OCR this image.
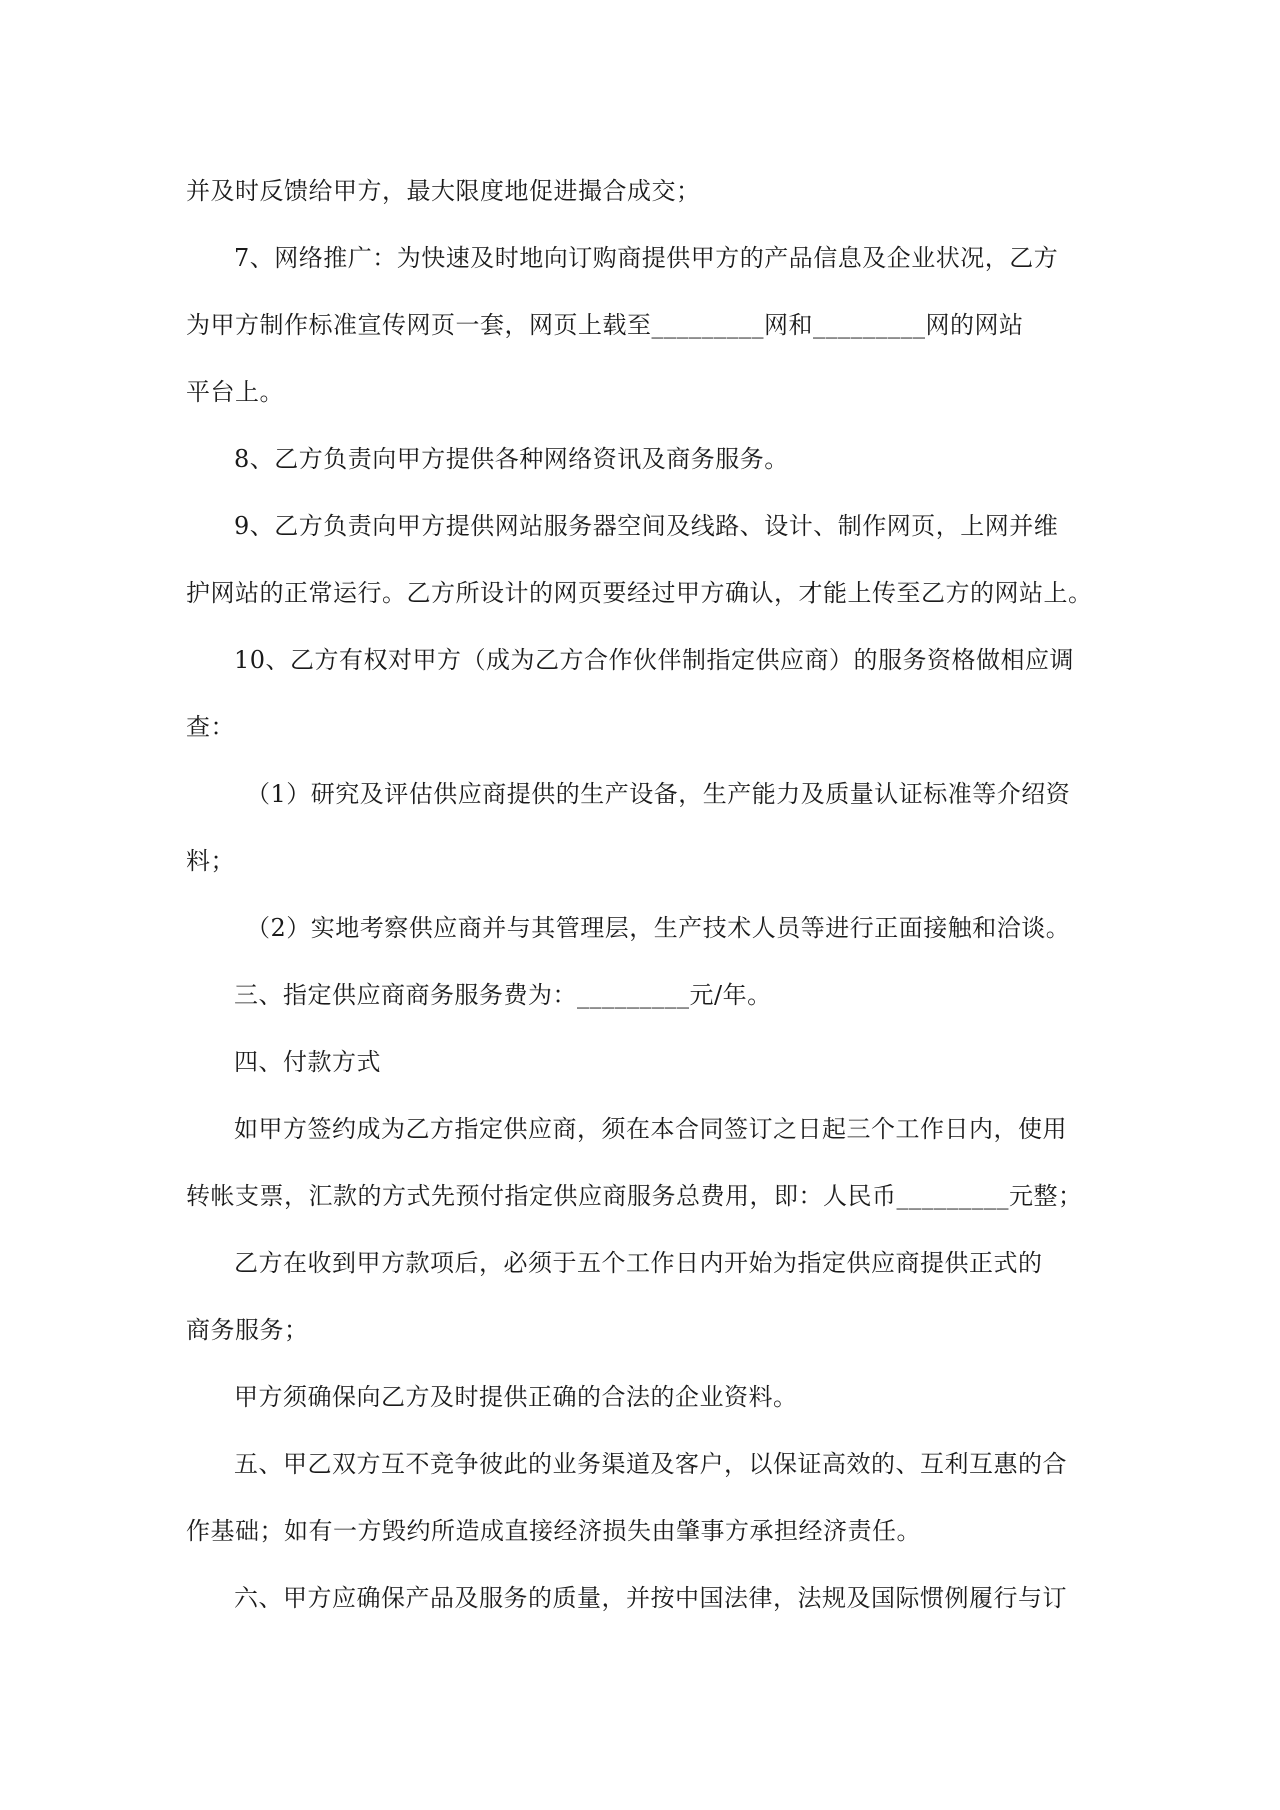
并及时反馈给甲方，最大限度地促进撮合成交；

7、网络推广：为快速及时地向订购商提供甲方的产品信息及企业状况，乙方

为甲方制作标准宣传网页一套，网页上载至_________网和_________网的网站

平台上。

8、乙方负责向甲方提供各种网络资讯及商务服务。

9、乙方负责向甲方提供网站服务器空间及线路、设计、制作网页，上网并维

护网站的正常运行。乙方所设计的网页要经过甲方确认，才能上传至乙方的网站上。

10、乙方有权对甲方（成为乙方合作伙伴制指定供应商）的服务资格做相应调

查：

（1）研究及评估供应商提供的生产设备，生产能力及质量认证标准等介绍资

料；

（2）实地考察供应商并与其管理层，生产技术人员等进行正面接触和洽谈。

三、指定供应商商务服务费为：_________元/年。

四、付款方式

如甲方签约成为乙方指定供应商，须在本合同签订之日起三个工作日内，使用

转帐支票，汇款的方式先预付指定供应商服务总费用，即：人民币_________元整；

乙方在收到甲方款项后，必须于五个工作日内开始为指定供应商提供正式的

商务服务；

甲方须确保向乙方及时提供正确的合法的企业资料。

五、甲乙双方互不竞争彼此的业务渠道及客户，以保证高效的、互利互惠的合

作基础；如有一方毁约所造成直接经济损失由肇事方承担经济责任。

六、甲方应确保产品及服务的质量，并按中国法律，法规及国际惯例履行与订
